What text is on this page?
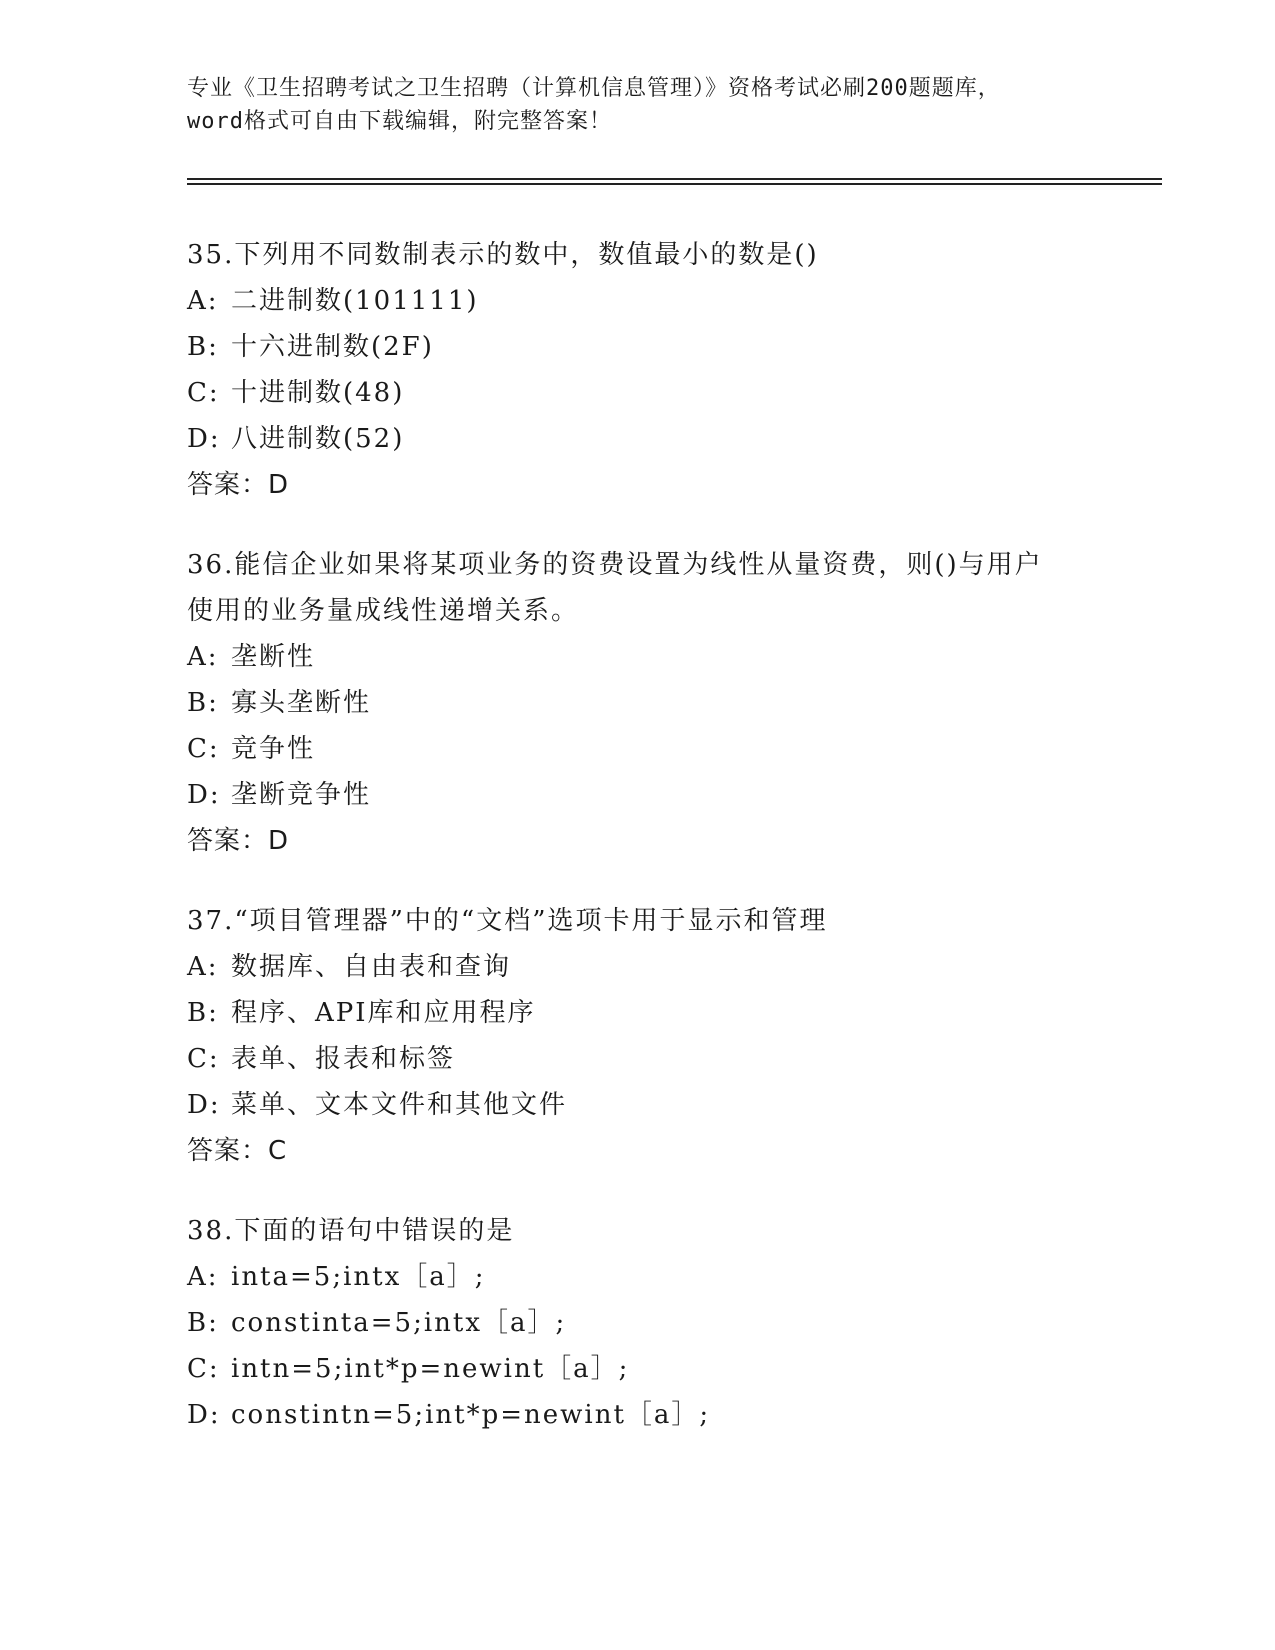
专业《卫生招聘考试之卫生招聘（计算机信息管理）》资格考试必刷200题题库，
word格式可自由下载编辑，附完整答案！
35.下列用不同数制表示的数中，数值最小的数是()
A: 二进制数(101111)
B: 十六进制数(2F)
C: 十进制数(48)
D: 八进制数(52)
答案：D
36.能信企业如果将某项业务的资费设置为线性从量资费，则()与用户使用的业务量成线性递增关系。
A: 垄断性
B: 寡头垄断性
C: 竞争性
D: 垄断竞争性
答案：D
37.“项目管理器”中的“文档”选项卡用于显示和管理
A: 数据库、自由表和查询
B: 程序、API库和应用程序
C: 表单、报表和标签
D: 菜单、文本文件和其他文件
答案：C
38.下面的语句中错误的是
A: inta=5;intx［a］;
B: constinta=5;intx［a］;
C: intn=5;int*p=newint［a］;
D: constintn=5;int*p=newint［a］;
